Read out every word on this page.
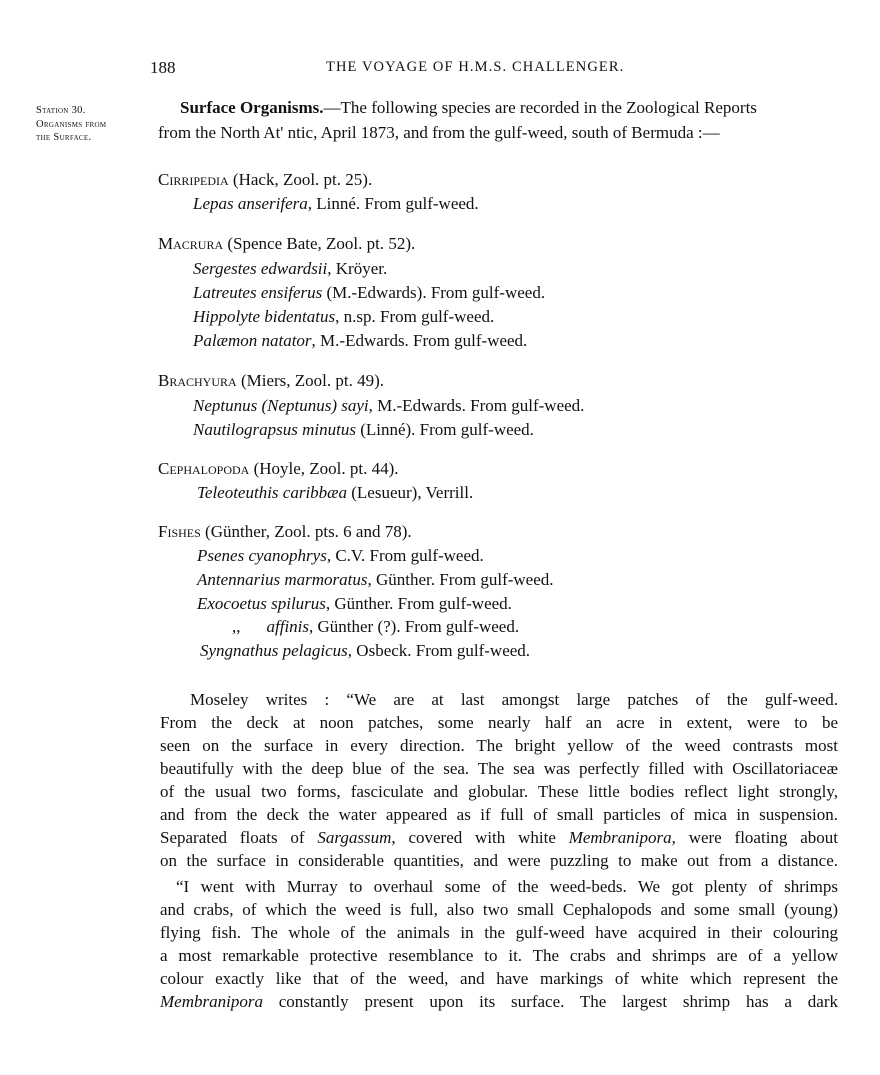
188	THE VOYAGE OF H.M.S. CHALLENGER.
Station 30.
Organisms from
the Surface.
Surface Organisms.—The following species are recorded in the Zoological Reports
from the North At' ntic, April 1873, and from the gulf-weed, south of Bermuda :—
Cirripedia (Hack, Zool. pt. 25).
Lepas anserifera, Linné. From gulf-weed.
Macrura (Spence Bate, Zool. pt. 52).
Sergestes edwardsii, Kröyer.
Latreutes ensiferus (M.-Edwards). From gulf-weed.
Hippolyte bidentatus, n.sp. From gulf-weed.
Palæmon natator, M.-Edwards. From gulf-weed.
Brachyura (Miers, Zool. pt. 49).
Neptunus (Neptunus) sayi, M.-Edwards. From gulf-weed.
Nautilograpsus minutus (Linné). From gulf-weed.
Cephalopoda (Hoyle, Zool. pt. 44).
Teleoteuthis caribbæa (Lesueur), Verrill.
Fishes (Günther, Zool. pts. 6 and 78).
Psenes cyanophrys, C.V. From gulf-weed.
Antennarius marmoratus, Günther. From gulf-weed.
Exocoetus spilurus, Günther. From gulf-weed.
,, affinis, Günther (?). From gulf-weed.
Syngnathus pelagicus, Osbeck. From gulf-weed.
Moseley writes : “We are at last amongst large patches of the gulf-weed.
From the deck at noon patches, some nearly half an acre in extent, were to be
seen on the surface in every direction. The bright yellow of the weed contrasts most
beautifully with the deep blue of the sea. The sea was perfectly filled with Oscillatoriaceæ
of the usual two forms, fasciculate and globular. These little bodies reflect light strongly,
and from the deck the water appeared as if full of small particles of mica in suspension.
Separated floats of Sargassum, covered with white Membranipora, were floating about
on the surface in considerable quantities, and were puzzling to make out from a distance.
“I went with Murray to overhaul some of the weed-beds. We got plenty of shrimps
and crabs, of which the weed is full, also two small Cephalopods and some small (young)
flying fish. The whole of the animals in the gulf-weed have acquired in their colouring
a most remarkable protective resemblance to it. The crabs and shrimps are of a yellow
colour exactly like that of the weed, and have markings of white which represent the
Membranipora constantly present upon its surface. The largest shrimp has a dark
